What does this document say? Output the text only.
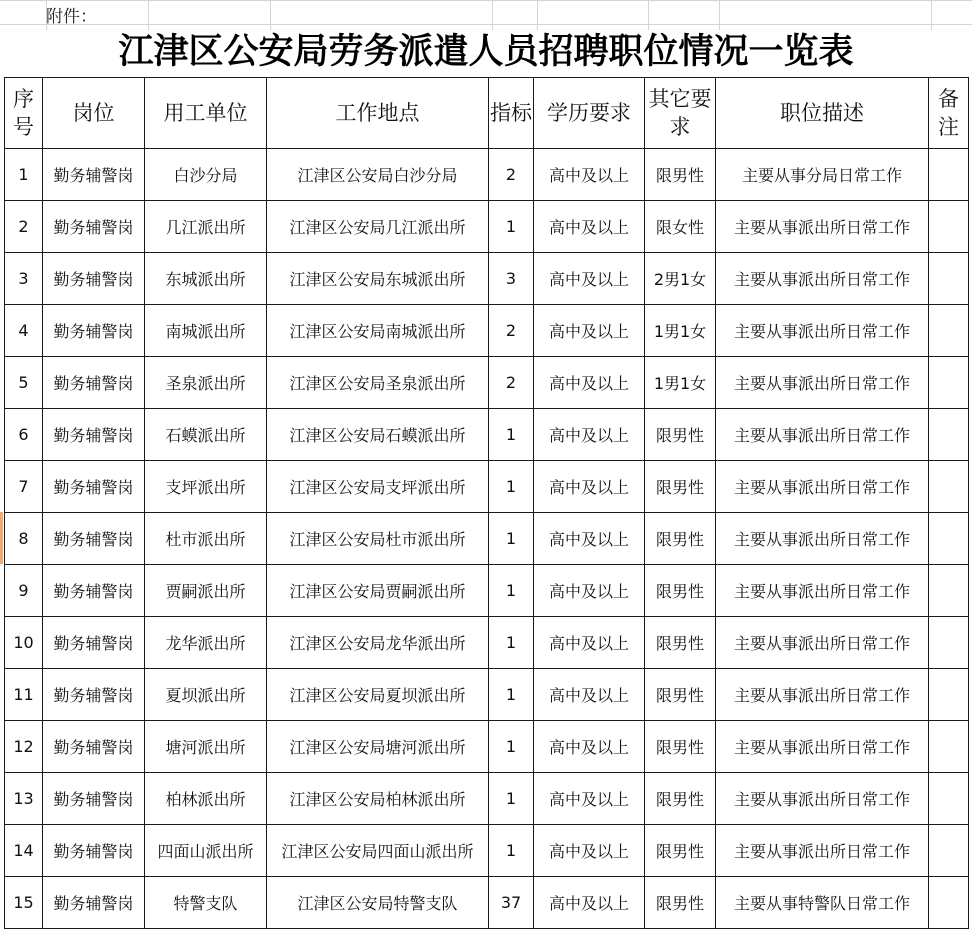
附件：
江津区公安局劳务派遣人员招聘职位情况一览表
序号	岗位	用工单位	工作地点	指标	学历要求	其它要求	职位描述	备注
1	勤务辅警岗	白沙分局	江津区公安局白沙分局	2	高中及以上	限男性	主要从事分局日常工作	
2	勤务辅警岗	几江派出所	江津区公安局几江派出所	1	高中及以上	限女性	主要从事派出所日常工作	
3	勤务辅警岗	东城派出所	江津区公安局东城派出所	3	高中及以上	2男1女	主要从事派出所日常工作	
4	勤务辅警岗	南城派出所	江津区公安局南城派出所	2	高中及以上	1男1女	主要从事派出所日常工作	
5	勤务辅警岗	圣泉派出所	江津区公安局圣泉派出所	2	高中及以上	1男1女	主要从事派出所日常工作	
6	勤务辅警岗	石蟆派出所	江津区公安局石蟆派出所	1	高中及以上	限男性	主要从事派出所日常工作	
7	勤务辅警岗	支坪派出所	江津区公安局支坪派出所	1	高中及以上	限男性	主要从事派出所日常工作	
8	勤务辅警岗	杜市派出所	江津区公安局杜市派出所	1	高中及以上	限男性	主要从事派出所日常工作	
9	勤务辅警岗	贾嗣派出所	江津区公安局贾嗣派出所	1	高中及以上	限男性	主要从事派出所日常工作	
10	勤务辅警岗	龙华派出所	江津区公安局龙华派出所	1	高中及以上	限男性	主要从事派出所日常工作	
11	勤务辅警岗	夏坝派出所	江津区公安局夏坝派出所	1	高中及以上	限男性	主要从事派出所日常工作	
12	勤务辅警岗	塘河派出所	江津区公安局塘河派出所	1	高中及以上	限男性	主要从事派出所日常工作	
13	勤务辅警岗	柏林派出所	江津区公安局柏林派出所	1	高中及以上	限男性	主要从事派出所日常工作	
14	勤务辅警岗	四面山派出所	江津区公安局四面山派出所	1	高中及以上	限男性	主要从事派出所日常工作	
15	勤务辅警岗	特警支队	江津区公安局特警支队	37	高中及以上	限男性	主要从事特警队日常工作	
